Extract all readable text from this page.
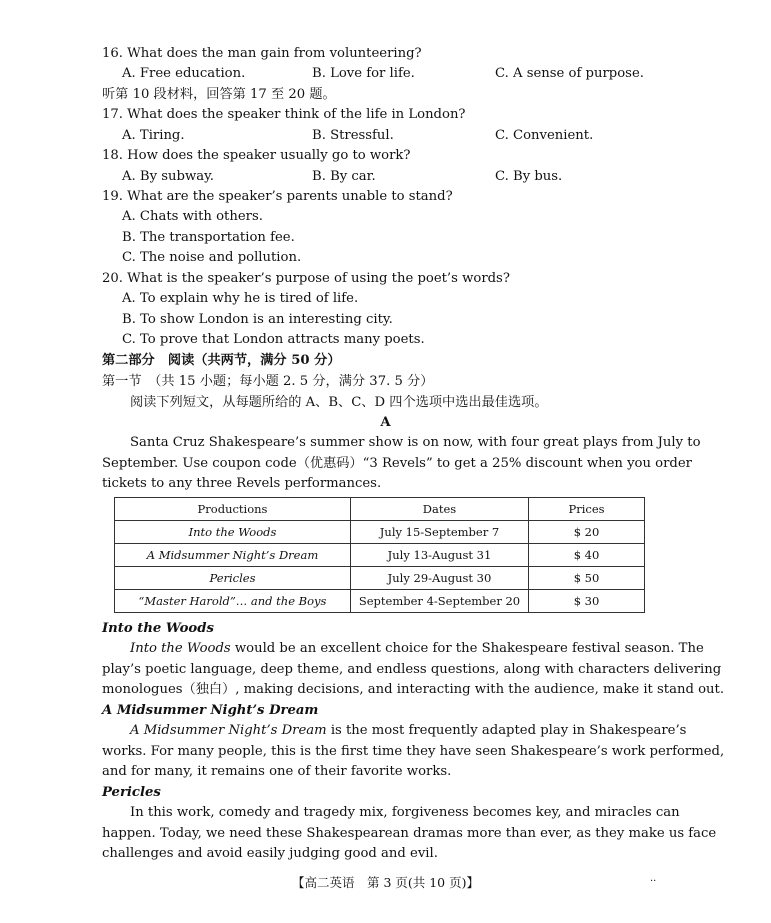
16. What does the man gain from volunteering?
A. Free education.	B. Love for life.	C. A sense of purpose.
听第 10 段材料，回答第 17 至 20 题。
17. What does the speaker think of the life in London?
A. Tiring.	B. Stressful.	C. Convenient.
18. How does the speaker usually go to work?
A. By subway.	B. By car.	C. By bus.
19. What are the speaker’s parents unable to stand?
A. Chats with others.
B. The transportation fee.
C. The noise and pollution.
20. What is the speaker’s purpose of using the poet’s words?
A. To explain why he is tired of life.
B. To show London is an interesting city.
C. To prove that London attracts many poets.
第二部分　阅读（共两节，满分 50 分）
第一节　（共 15 小题；每小题 2. 5 分，满分 37. 5 分）
阅读下列短文，从每题所给的 A、B、C、D 四个选项中选出最佳选项。
A
Santa Cruz Shakespeare’s summer show is on now, with four great plays from July to
September. Use coupon code（优惠码）“3 Revels” to get a 25% discount when you order
tickets to any three Revels performances.
Productions	Dates	Prices
Into the Woods	July 15-September 7	$ 20
A Midsummer Night’s Dream	July 13-August 31	$ 40
Pericles	July 29-August 30	$ 50
“Master Harold”… and the Boys	September 4-September 20	$ 30
Into the Woods
Into the Woods would be an excellent choice for the Shakespeare festival season. The
play’s poetic language, deep theme, and endless questions, along with characters delivering
monologues（独白）, making decisions, and interacting with the audience, make it stand out.
A Midsummer Night’s Dream
A Midsummer Night’s Dream is the most frequently adapted play in Shakespeare’s
works. For many people, this is the first time they have seen Shakespeare’s work performed,
and for many, it remains one of their favorite works.
Pericles
In this work, comedy and tragedy mix, forgiveness becomes key, and miracles can
happen. Today, we need these Shakespearean dramas more than ever, as they make us face
challenges and avoid easily judging good and evil.
【高二英语　第 3 页(共 10 页)】	··
